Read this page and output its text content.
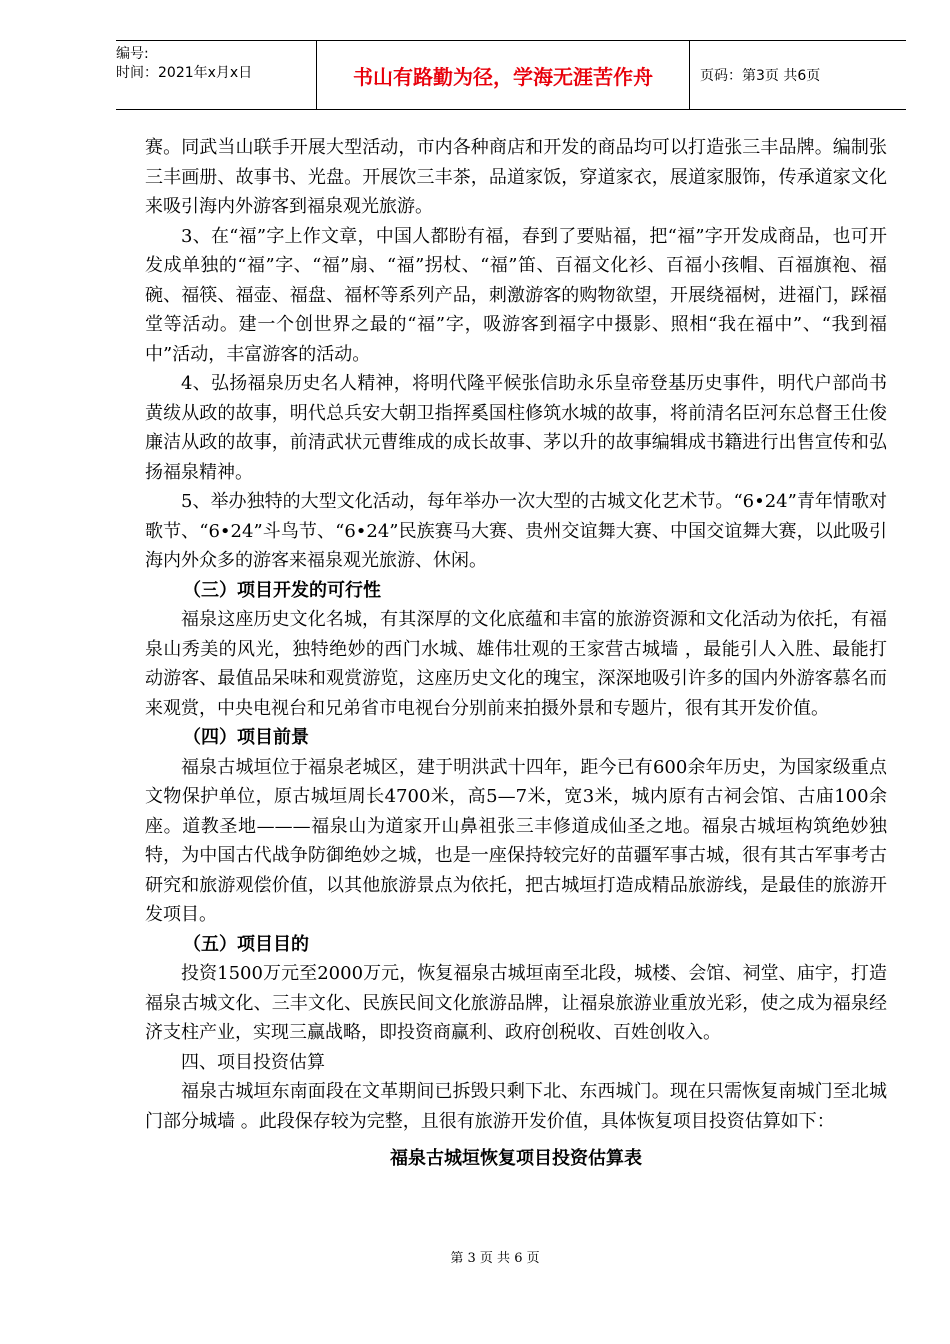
编号:
时间：2021年x月x日	书山有路勤为径，学海无涯苦作舟	页码：第3页 共6页

赛。同武当山联手开展大型活动，市内各种商店和开发的商品均可以打造张三丰品牌。编制张三丰画册、故事书、光盘。开展饮三丰茶，品道家饭，穿道家衣，展道家服饰，传承道家文化来吸引海内外游客到福泉观光旅游。

3、在“福”字上作文章，中国人都盼有福，春到了要贴福，把“福”字开发成商品，也可开发成单独的“福”字、“福”扇、“福”拐杖、“福”笛、百福文化衫、百福小孩帽、百福旗袍、福碗、福筷、福壶、福盘、福杯等系列产品，刺激游客的购物欲望，开展绕福树，进福门，踩福堂等活动。建一个创世界之最的“福”字，吸游客到福字中摄影、照相“我在福中”、“我到福中”活动，丰富游客的活动。

4、弘扬福泉历史名人精神，将明代隆平候张信助永乐皇帝登基历史事件，明代户部尚书黄绂从政的故事，明代总兵安大朝卫指挥奚国柱修筑水城的故事，将前清名臣河东总督王仕俊廉洁从政的故事，前清武状元曹维成的成长故事、茅以升的故事编辑成书籍进行出售宣传和弘扬福泉精神。

5、举办独特的大型文化活动，每年举办一次大型的古城文化艺术节。“6•24”青年情歌对歌节、“6•24”斗鸟节、“6•24”民族赛马大赛、贵州交谊舞大赛、中国交谊舞大赛，以此吸引海内外众多的游客来福泉观光旅游、休闲。

（三）项目开发的可行性

福泉这座历史文化名城，有其深厚的文化底蕴和丰富的旅游资源和文化活动为依托，有福泉山秀美的风光，独特绝妙的西门水城、雄伟壮观的王家营古城墙 ，最能引人入胜、最能打动游客、最值品呆味和观赏游览，这座历史文化的瑰宝，深深地吸引许多的国内外游客慕名而来观赏，中央电视台和兄弟省市电视台分别前来拍摄外景和专题片，很有其开发价值。

（四）项目前景

福泉古城垣位于福泉老城区，建于明洪武十四年，距今已有600余年历史，为国家级重点文物保护单位，原古城垣周长4700米，高5—7米，宽3米，城内原有古祠会馆、古庙100余座。道教圣地———福泉山为道家开山鼻祖张三丰修道成仙圣之地。福泉古城垣构筑绝妙独特，为中国古代战争防御绝妙之城，也是一座保持较完好的苗疆军事古城，很有其古军事考古研究和旅游观偿价值，以其他旅游景点为依托，把古城垣打造成精品旅游线，是最佳的旅游开发项目。

（五）项目目的

投资1500万元至2000万元，恢复福泉古城垣南至北段，城楼、会馆、祠堂、庙宇，打造福泉古城文化、三丰文化、民族民间文化旅游品牌，让福泉旅游业重放光彩，使之成为福泉经济支柱产业，实现三赢战略，即投资商赢利、政府创税收、百姓创收入。

四、项目投资估算

福泉古城垣东南面段在文革期间已拆毁只剩下北、东西城门。现在只需恢复南城门至北城门部分城墙 。此段保存较为完整，且很有旅游开发价值，具体恢复项目投资估算如下：

福泉古城垣恢复项目投资估算表

第 3 页 共 6 页
